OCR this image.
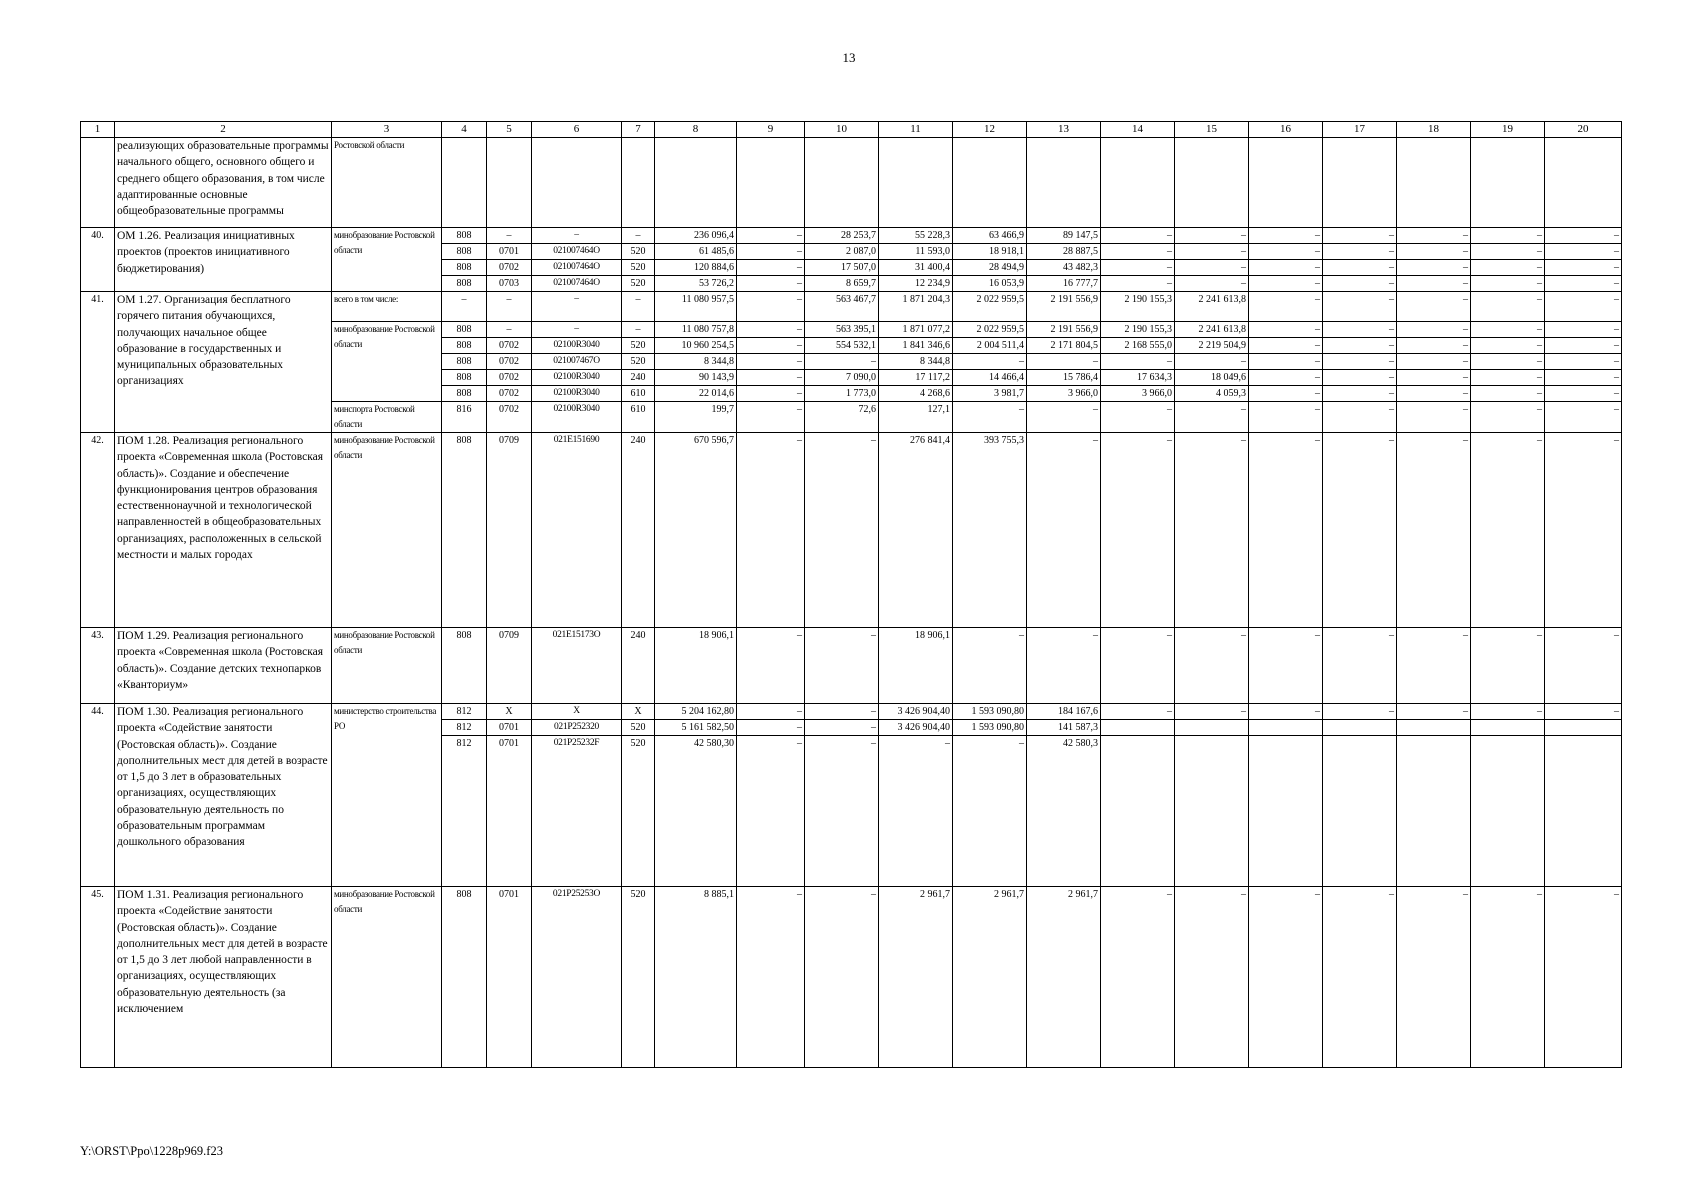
13
1	2	3	4	5	6	7	8	9	10	11	12	13	14	15	16	17	18	19	20
	реализующих образовательные программы начального общего, основного общего и среднего общего образования, в том числе адаптированные основные общеобразовательные программы	Ростовской области																	
40.	ОМ 1.26. Реализация инициативных проектов (проектов инициативного бюджетирования)	минобразование Ростовской области	808	–	–	–	236 096,4	–	28 253,7	55 228,3	63 466,9	89 147,5	–	–	–	–	–	–	–
			808	0701	021007464О	520	61 485,6	–	2 087,0	11 593,0	18 918,1	28 887,5	–	–	–	–	–	–	–
			808	0702	021007464О	520	120 884,6	–	17 507,0	31 400,4	28 494,9	43 482,3	–	–	–	–	–	–	–
			808	0703	021007464О	520	53 726,2	–	8 659,7	12 234,9	16 053,9	16 777,7	–	–	–	–	–	–	–
41.	ОМ 1.27. Организация бесплатного горячего питания обучающихся, получающих начальное общее образование в государственных и муниципальных образовательных организациях	всего в том числе:	–	–	–	–	11 080 957,5	–	563 467,7	1 871 204,3	2 022 959,5	2 191 556,9	2 190 155,3	2 241 613,8	–	–	–	–	–
		минобразование Ростовской области	808	–	–	–	11 080 757,8	–	563 395,1	1 871 077,2	2 022 959,5	2 191 556,9	2 190 155,3	2 241 613,8	–	–	–	–	–
			808	0702	02100R3040	520	10 960 254,5	–	554 532,1	1 841 346,6	2 004 511,4	2 171 804,5	2 168 555,0	2 219 504,9	–	–	–	–	–
			808	0702	021007467О	520	8 344,8	–	–	8 344,8	–	–	–	–	–	–	–	–	–
			808	0702	02100R3040	240	90 143,9	–	7 090,0	17 117,2	14 466,4	15 786,4	17 634,3	18 049,6	–	–	–	–	–
			808	0702	02100R3040	610	22 014,6	–	1 773,0	4 268,6	3 981,7	3 966,0	3 966,0	4 059,3	–	–	–	–	–
		минспорта Ростовской области	816	0702	02100R3040	610	199,7	–	72,6	127,1	–	–	–	–	–	–	–	–	–
42.	ПОМ 1.28. Реализация регионального проекта «Современная школа (Ростовская область)». Создание и обеспечение функционирования центров образования естественнонаучной и технологической направленностей в общеобразовательных организациях, расположенных в сельской местности и малых городах	минобразование Ростовской области	808	0709	021E151690	240	670 596,7	–	–	276 841,4	393 755,3	–	–	–	–	–	–	–	–
43.	ПОМ 1.29. Реализация регионального проекта «Современная школа (Ростовская область)». Создание детских технопарков «Кванториум»	минобразование Ростовской области	808	0709	021E15173О	240	18 906,1	–	–	18 906,1	–	–	–	–	–	–	–	–	–
44.	ПОМ 1.30. Реализация регионального проекта «Содействие занятости (Ростовская область)». Создание дополнительных мест для детей в возрасте от 1,5 до 3 лет в образовательных организациях, осуществляющих образовательную деятельность по образовательным программам дошкольного образования	министерство строительства РО	812	X	X	X	5 204 162,80	–	–	3 426 904,40	1 593 090,80	184 167,6	–	–	–	–	–	–	–
			812	0701	021P252320	520	5 161 582,50	–	–	3 426 904,40	1 593 090,80	141 587,3							
			812	0701	021P25232F	520	42 580,30	–	–	–	–	42 580,3							
45.	ПОМ 1.31. Реализация регионального проекта «Содействие занятости (Ростовская область)». Создание дополнительных мест для детей в возрасте от 1,5 до 3 лет любой направленности в организациях, осуществляющих образовательную деятельность (за исключением	минобразование Ростовской области	808	0701	021P25253О	520	8 885,1	–	–	2 961,7	2 961,7	2 961,7	–	–	–	–	–	–	–
Y:\ORST\Ppo\1228p969.f23
